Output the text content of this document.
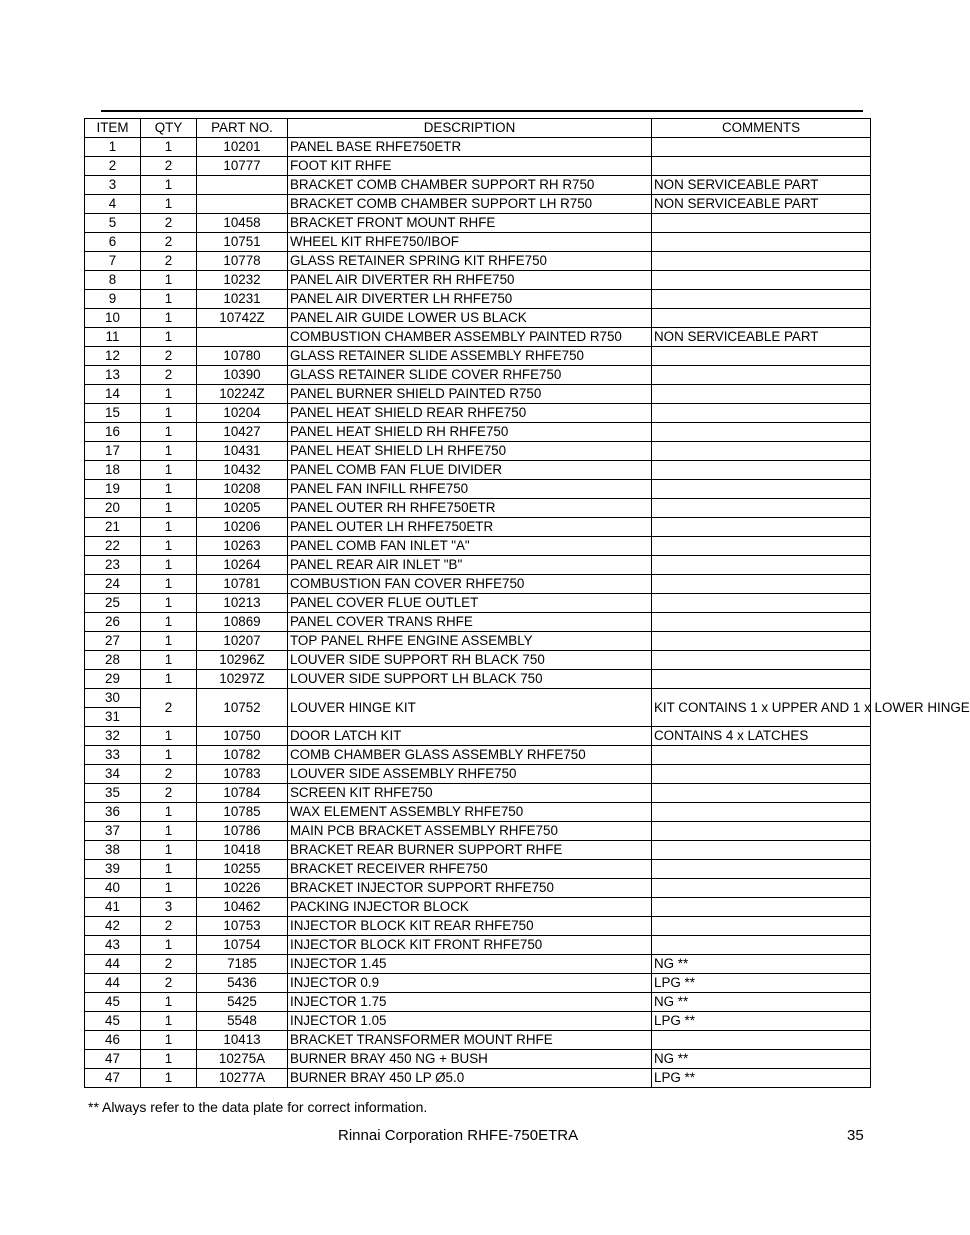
ITEM	QTY	PART NO.	DESCRIPTION	COMMENTS
1	1	10201	PANEL BASE RHFE750ETR	
2	2	10777	FOOT KIT RHFE	
3	1		BRACKET COMB CHAMBER SUPPORT RH R750	NON SERVICEABLE PART
4	1		BRACKET COMB CHAMBER SUPPORT LH R750	NON SERVICEABLE PART
5	2	10458	BRACKET FRONT MOUNT RHFE	
6	2	10751	WHEEL KIT RHFE750/IBOF	
7	2	10778	GLASS RETAINER SPRING KIT RHFE750	
8	1	10232	PANEL AIR DIVERTER RH RHFE750	
9	1	10231	PANEL AIR DIVERTER LH RHFE750	
10	1	10742Z	PANEL AIR GUIDE LOWER US BLACK	
11	1		COMBUSTION CHAMBER ASSEMBLY PAINTED R750	NON SERVICEABLE PART
12	2	10780	GLASS RETAINER SLIDE ASSEMBLY RHFE750	
13	2	10390	GLASS RETAINER SLIDE COVER RHFE750	
14	1	10224Z	PANEL BURNER SHIELD PAINTED R750	
15	1	10204	PANEL HEAT SHIELD REAR RHFE750	
16	1	10427	PANEL HEAT SHIELD RH RHFE750	
17	1	10431	PANEL HEAT SHIELD LH RHFE750	
18	1	10432	PANEL COMB FAN FLUE DIVIDER	
19	1	10208	PANEL FAN INFILL RHFE750	
20	1	10205	PANEL OUTER RH RHFE750ETR	
21	1	10206	PANEL OUTER LH RHFE750ETR	
22	1	10263	PANEL COMB FAN INLET "A"	
23	1	10264	PANEL REAR AIR INLET "B"	
24	1	10781	COMBUSTION FAN COVER RHFE750	
25	1	10213	PANEL COVER FLUE OUTLET	
26	1	10869	PANEL COVER TRANS RHFE	
27	1	10207	TOP PANEL RHFE ENGINE ASSEMBLY	
28	1	10296Z	LOUVER SIDE SUPPORT RH BLACK 750	
29	1	10297Z	LOUVER SIDE SUPPORT LH BLACK 750	
30	2	10752	LOUVER HINGE KIT	KIT CONTAINS 1 x UPPER AND 1 x LOWER HINGE
31				
32	1	10750	DOOR LATCH KIT	CONTAINS 4 x LATCHES
33	1	10782	COMB CHAMBER GLASS ASSEMBLY RHFE750	
34	2	10783	LOUVER SIDE ASSEMBLY RHFE750	
35	2	10784	SCREEN KIT RHFE750	
36	1	10785	WAX ELEMENT ASSEMBLY RHFE750	
37	1	10786	MAIN PCB BRACKET ASSEMBLY RHFE750	
38	1	10418	BRACKET REAR BURNER SUPPORT RHFE	
39	1	10255	BRACKET RECEIVER RHFE750	
40	1	10226	BRACKET INJECTOR SUPPORT RHFE750	
41	3	10462	PACKING INJECTOR BLOCK	
42	2	10753	INJECTOR BLOCK KIT REAR RHFE750	
43	1	10754	INJECTOR BLOCK KIT FRONT RHFE750	
44	2	7185	INJECTOR 1.45	NG **
44	2	5436	INJECTOR 0.9	LPG **
45	1	5425	INJECTOR 1.75	NG **
45	1	5548	INJECTOR 1.05	LPG **
46	1	10413	BRACKET TRANSFORMER MOUNT RHFE	
47	1	10275A	BURNER BRAY 450 NG + BUSH	NG **
47	1	10277A	BURNER BRAY 450 LP Ø5.0	LPG **
** Always refer to the data plate for correct information.
Rinnai Corporation RHFE-750ETRA	35
